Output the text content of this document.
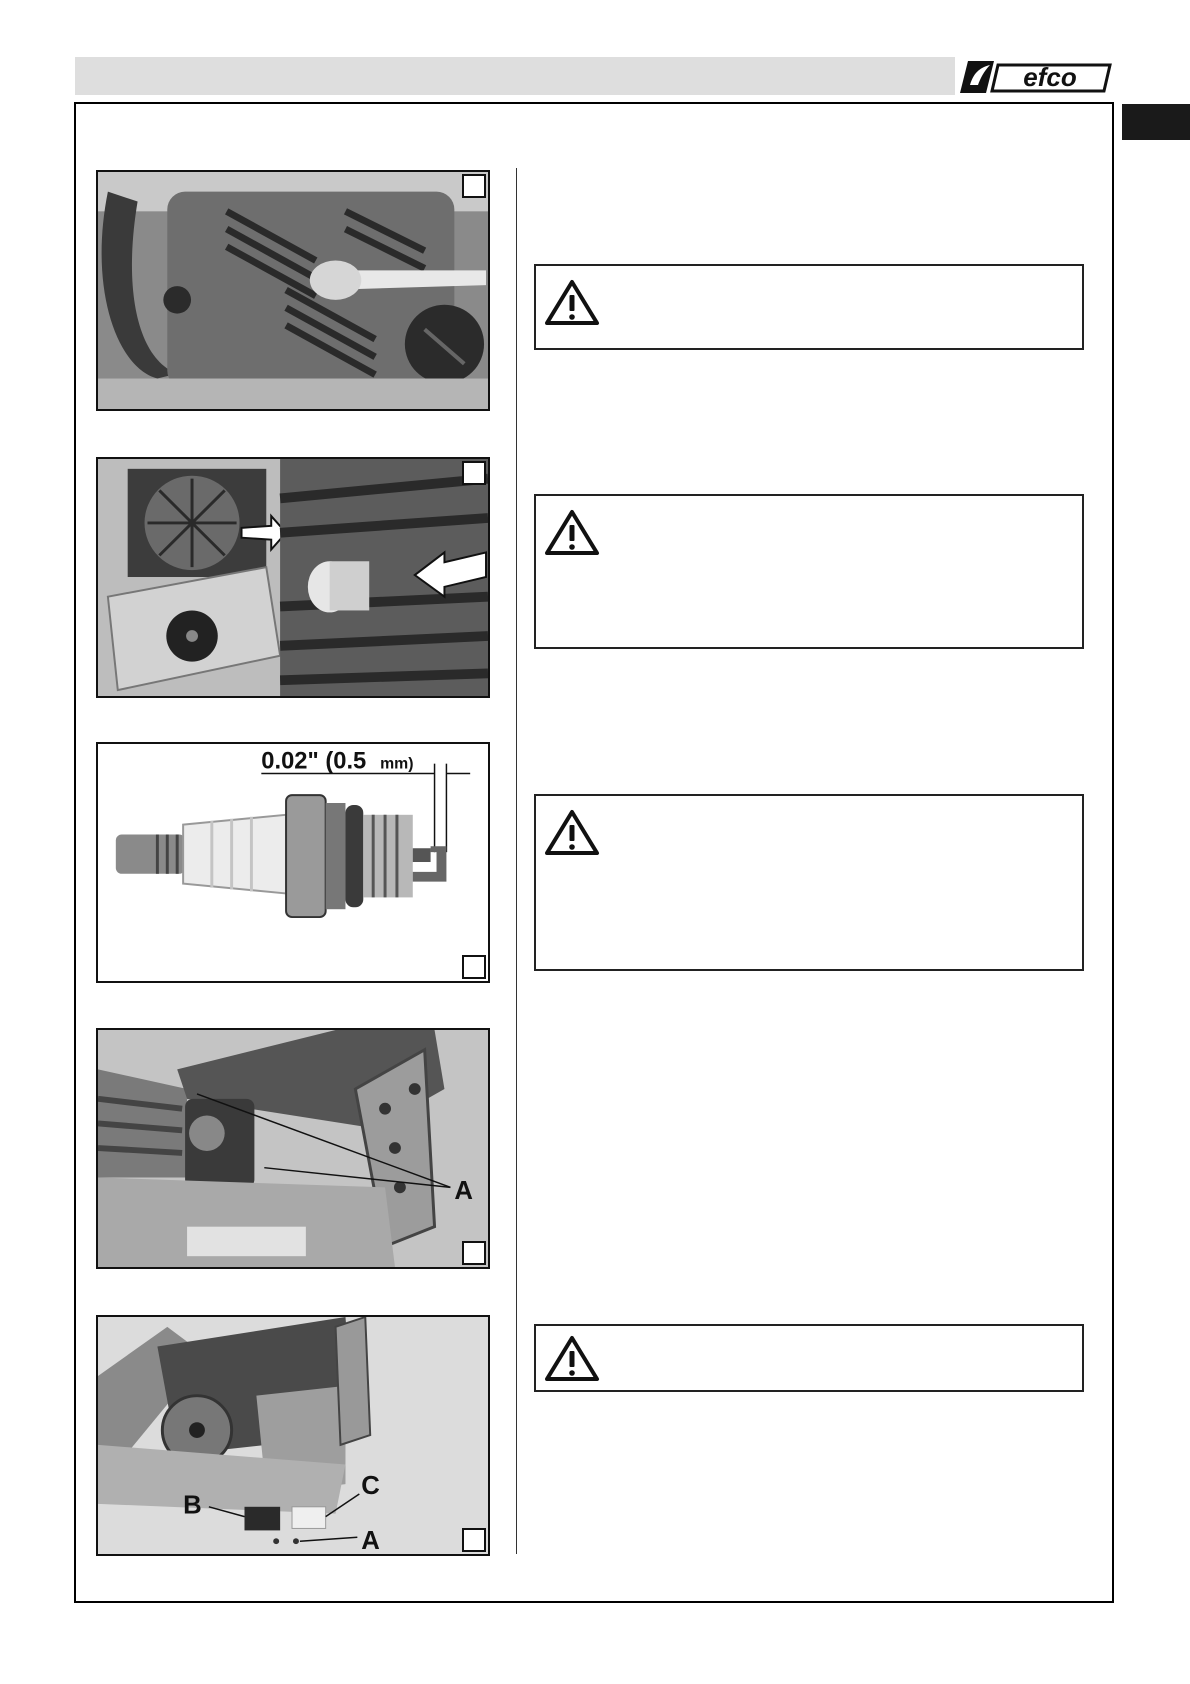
efco
0.02" (0.5 mm)
A
B
C
A
